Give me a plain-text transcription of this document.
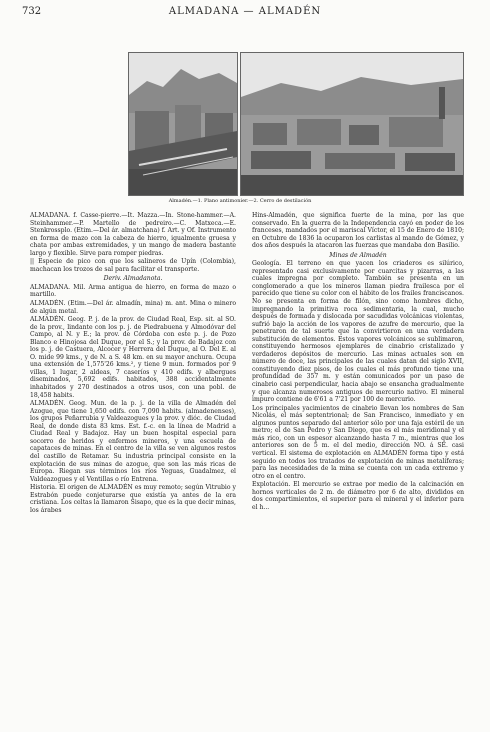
732	ALMADANA — ALMADÉN
Almadén.—1. Plano antimonier.—2. Cerro de destilación

ALMADANA. f. Casse-pierre.—It. Mazza.—In. Stone-hammer.—A. Steinhammer.—P. Martello de pedreiro.—C. Matxeca.—E. Stenkrossplo. (Etim.—Del ár. almatchana) f. Art. y Of. Instrumento en forma de mazo con la cabeza de hierro, igualmente gruesa y chata por ambas extremidades, y un mango de madera bastante largo y flexible. Sirve para romper piedras.

|| Especie de pico con que los salineros de Upín (Colombia), machacan los trozos de sal para facilitar el transporte.

Deriv. Almadanota.

ALMADANA. Mil. Arma antigua de hierro, en forma de mazo o martillo.

ALMADÉN. (Etim.—Del ár. almadín, mina) m. ant. Mina o minero de algún metal.

ALMADÉN. Geog. P. j. de la prov. de Ciudad Real, Esp. sit. al SO. de la prov., lindante con los p. j. de Piedrabuena y Almodóvar del Campo, al N. y E.; la prov. de Córdoba con este p. j. de Pozo Blanco e Hinojosa del Duque, por el S.; y la prov. de Badajoz con los p. j. de Castuera, Alcocer y Herrera del Duque, al O. Del E. al O. mide 99 kms., y de N. a S. 48 km. en su mayor anchura. Ocupa una extensión de 1,575'26 kms.², y tiene 9 mun. formados por 9 villas, 1 lugar, 2 aldeas, 7 caseríos y 410 edifs. y albergues diseminados, 5,692 edifs. habitados, 388 accidentalmente inhabitados y 270 destinados a otros usos, con una pobl. de 18,458 habits.

ALMADÉN. Geog. Mun. de la p. j. de la villa de Almadén del Azogue, que tiene 1,650 edifs. con 7,090 habits. (almadenenses), los grupos Peñarrubia y Valdeazogues y la prov. y dióc. de Ciudad Real, de donde dista 83 kms. Est. f.-c. en la línea de Madrid a Ciudad Real y Badajoz. Hay un buen hospital especial para socorro de heridos y enfermos mineros, y una escuela de capataces de minas. En el centro de la villa se ven algunos restos del castillo de Retamar. Su industria principal consiste en la explotación de sus minas de azogue, que son las más ricas de Europa. Riegan sus términos los ríos Yeguas, Guadalmez, el Valdeazogues y el Ventillas o río Entrena.

Historia. El origen de ALMADÉN es muy remoto; según Vitrubio y Estrabón puede conjeturarse que existía ya antes de la era cristiana. Los celtas la llamaron Sisapo, que es la que decir minas, los árabes

Hins-Almadén, que significa fuerte de la mina, por las que conservado. En la guerra de la Independencia cayó en poder de los franceses, mandados por el mariscal Víctor, el 15 de Enero de 1810; en Octubre de 1836 la ocuparon los carlistas al mando de Gómez, y dos años después la atacaron las fuerzas que mandaba don Basilio.

Minas de Almadén

Geología. El terreno en que yacen los criaderos es silúrico, representado casi exclusivamente por cuarcitas y pizarras, a las cuales impregna por completo. También se presenta en un conglomerado a que los mineros llaman piedra frailesca por el parecido que tiene su color con el hábito de los frailes franciscanos. No se presenta en forma de filón, sino como hombres dicho, impregnando la primitiva roca sedimentaria, la cual, mucho después de formada y dislocada por sacudidas volcánicas violentas, sufrió bajo la acción de los vapores de azufre de mercurio, que la penetraron de tal suerte que la convirtieron en una verdadera substitución de elementos. Estos vapores volcánicos se sublimaron, constituyendo hermosos ejemplares de cinabrio cristalizado y verdaderos depósitos de mercurio. Las minas actuales son en número de doce, las principales de las cuales datan del siglo XVII, constituyendo diez pisos, de los cuales el más profundo tiene una profundidad de 357 m. y están comunicados por un paso de cinabrio casi perpendicular, hacia abajo se ensancha gradualmente y que alcanza numerosos antiguos de mercurio nativo. El mineral impuro contiene de 6'61 a 7'21 por 100 de mercurio.

Los principales yacimientos de cinabrio llevan los nombres de San Nicolás, el más septentrional; de San Francisco, inmediato y en algunos puntos separado del anterior sólo por una faja estéril de un metro; el de San Pedro y San Diego, que es el más meridional y el más rico, con un espesor alcanzando hasta 7 m., mientras que los anteriores son de 5 m. el del medio, dirección NO. á SE. casi vertical. El sistema de explotación en ALMADÉN forma tipo y está seguido en todos los tratados de explotación de minas metalíferas; para las necesidades de la mina se cuenta con un cada extremo y otro en el centro.

Explotación. El mercurio se extrae por medio de la calcinación en hornos verticales de 2 m. de diámetro por 6 de alto, divididos en dos compartimientos, el superior para el mineral y el inferior para el h...
